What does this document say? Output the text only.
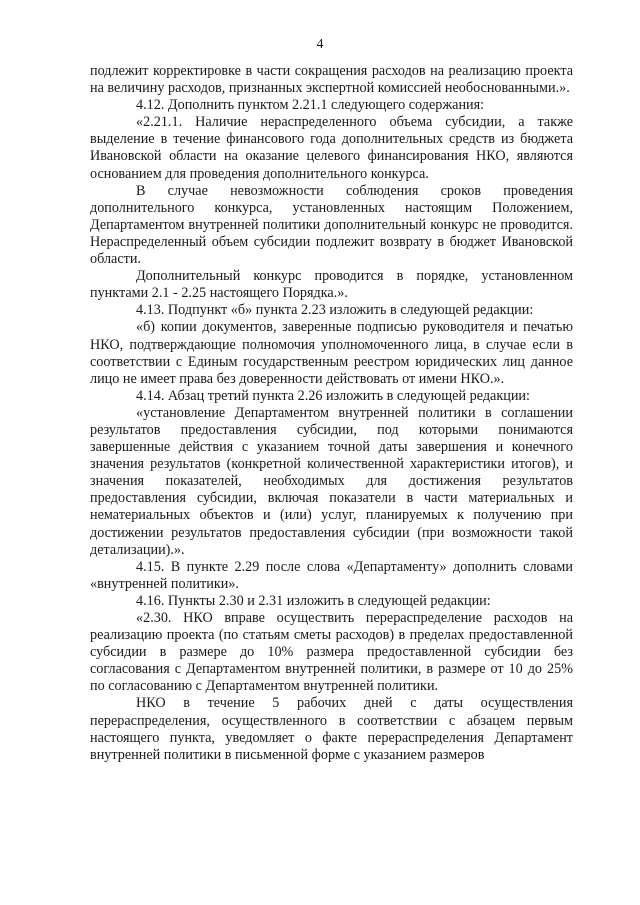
4

подлежит корректировке в части сокращения расходов на реализацию проекта на величину расходов, признанных экспертной комиссией необоснованными.».

4.12. Дополнить пунктом 2.21.1 следующего содержания:

«2.21.1. Наличие нераспределенного объема субсидии, а также выделение в течение финансового года дополнительных средств из бюджета Ивановской области на оказание целевого финансирования НКО, являются основанием для проведения дополнительного конкурса.

В случае невозможности соблюдения сроков проведения дополнительного конкурса, установленных настоящим Положением, Департаментом внутренней политики дополнительный конкурс не проводится. Нераспределенный объем субсидии подлежит возврату в бюджет Ивановской области.

Дополнительный конкурс проводится в порядке, установленном пунктами 2.1 - 2.25 настоящего Порядка.».

4.13. Подпункт «б» пункта 2.23 изложить в следующей редакции:

«б) копии документов, заверенные подписью руководителя и печатью НКО, подтверждающие полномочия уполномоченного лица, в случае если в соответствии с Единым государственным реестром юридических лиц данное лицо не имеет права без доверенности действовать от имени НКО.».

4.14. Абзац третий пункта 2.26 изложить в следующей редакции:

«установление Департаментом внутренней политики в соглашении результатов предоставления субсидии, под которыми понимаются завершенные действия с указанием точной даты завершения и конечного значения результатов (конкретной количественной характеристики итогов), и значения показателей, необходимых для достижения результатов предоставления субсидии, включая показатели в части материальных и нематериальных объектов и (или) услуг, планируемых к получению при достижении результатов предоставления субсидии (при возможности такой детализации).».

4.15. В пункте 2.29 после слова «Департаменту» дополнить словами «внутренней политики».

4.16. Пункты 2.30 и 2.31 изложить в следующей редакции:

«2.30. НКО вправе осуществить перераспределение расходов на реализацию проекта (по статьям сметы расходов) в пределах предоставленной субсидии в размере до 10% размера предоставленной субсидии без согласования с Департаментом внутренней политики, в размере от 10 до 25% по согласованию с Департаментом внутренней политики.

НКО в течение 5 рабочих дней с даты осуществления перераспределения, осуществленного в соответствии с абзацем первым настоящего пункта, уведомляет о факте перераспределения Департамент внутренней политики в письменной форме с указанием размеров
